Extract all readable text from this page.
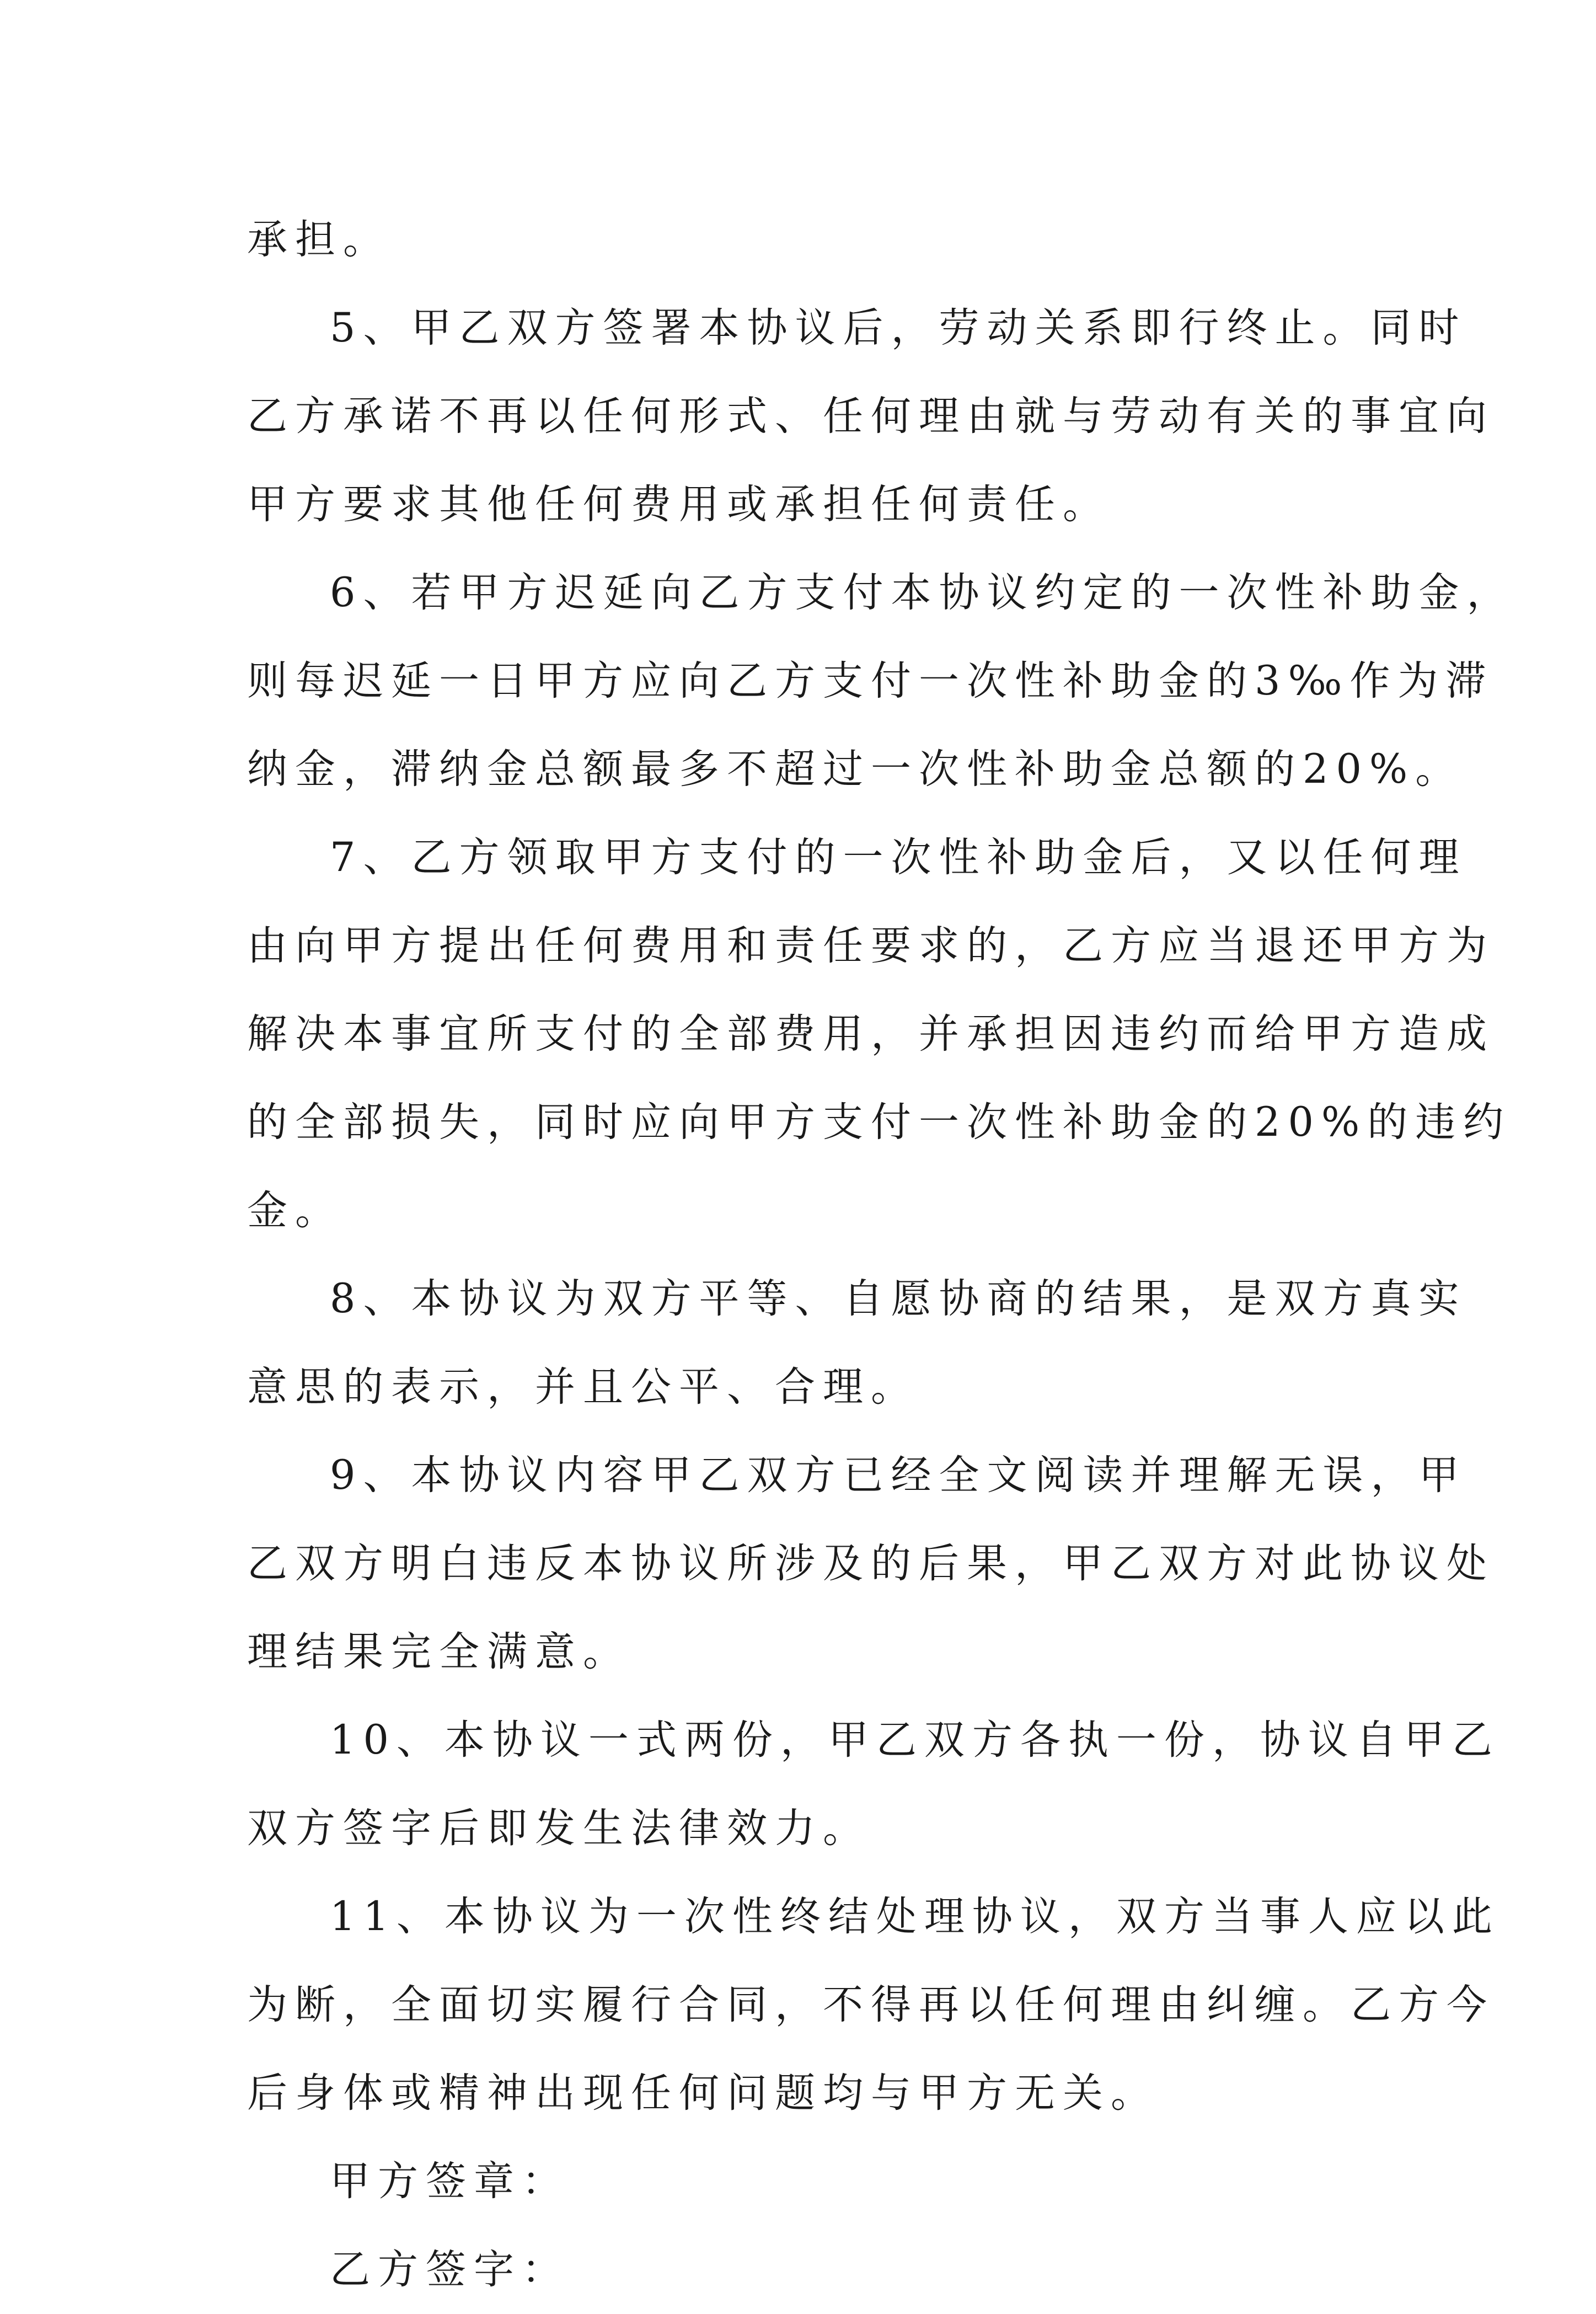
承担。
5、甲乙双方签署本协议后，劳动关系即行终止。同时
乙方承诺不再以任何形式、任何理由就与劳动有关的事宜向
甲方要求其他任何费用或承担任何责任。
6、若甲方迟延向乙方支付本协议约定的一次性补助金，
则每迟延一日甲方应向乙方支付一次性补助金的3‰作为滞
纳金，滞纳金总额最多不超过一次性补助金总额的20%。
7、乙方领取甲方支付的一次性补助金后，又以任何理
由向甲方提出任何费用和责任要求的，乙方应当退还甲方为
解决本事宜所支付的全部费用，并承担因违约而给甲方造成
的全部损失，同时应向甲方支付一次性补助金的20%的违约
金。
8、本协议为双方平等、自愿协商的结果，是双方真实
意思的表示，并且公平、合理。
9、本协议内容甲乙双方已经全文阅读并理解无误，甲
乙双方明白违反本协议所涉及的后果，甲乙双方对此协议处
理结果完全满意。
10、本协议一式两份，甲乙双方各执一份，协议自甲乙
双方签字后即发生法律效力。
11、本协议为一次性终结处理协议，双方当事人应以此
为断，全面切实履行合同，不得再以任何理由纠缠。乙方今
后身体或精神出现任何问题均与甲方无关。
甲方签章：
乙方签字：
